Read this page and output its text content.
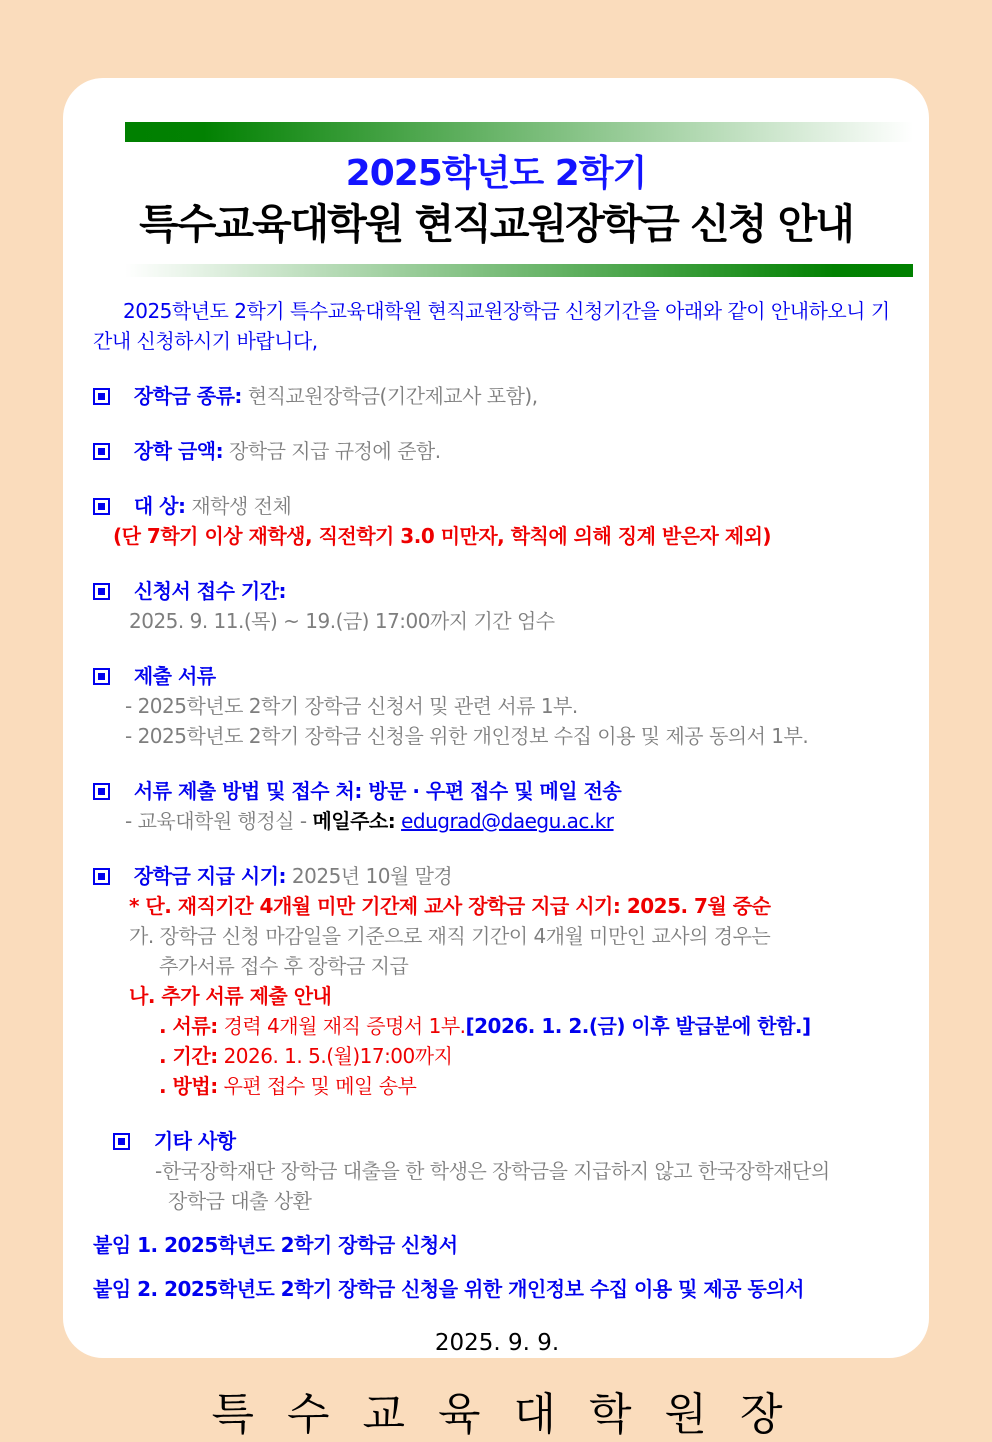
2025학년도 2학기
특수교육대학원 현직교원장학금 신청 안내

2025학년도 2학기 특수교육대학원 현직교원장학금 신청기간을 아래와 같이 안내하오니 기간내 신청하시기 바랍니다,

장학금 종류: 현직교원장학금(기간제교사 포함),
장학 금액: 장학금 지급 규정에 준함.
대 상: 재학생 전체
(단 7학기 이상 재학생, 직전학기 3.0 미만자, 학칙에 의해 징계 받은자 제외)
신청서 접수 기간:
2025. 9. 11.(목) ~ 19.(금) 17:00까지 기간 엄수
제출 서류
- 2025학년도 2학기 장학금 신청서 및 관련 서류 1부.
- 2025학년도 2학기 장학금 신청을 위한 개인정보 수집 이용 및 제공 동의서 1부.
서류 제출 방법 및 접수 처: 방문 · 우편 접수 및 메일 전송
- 교육대학원 행정실 - 메일주소: edugrad@daegu.ac.kr
장학금 지급 시기: 2025년 10월 말경
* 단. 재직기간 4개월 미만 기간제 교사 장학금 지급 시기: 2025. 7월 중순
가. 장학금 신청 마감일을 기준으로 재직 기간이 4개월 미만인 교사의 경우는
추가서류 접수 후 장학금 지급
나. 추가 서류 제출 안내
. 서류: 경력 4개월 재직 증명서 1부.[2026. 1. 2.(금) 이후 발급분에 한함.]
. 기간: 2026. 1. 5.(월)17:00까지
. 방법: 우편 접수 및 메일 송부
기타 사항
-한국장학재단 장학금 대출을 한 학생은 장학금을 지급하지 않고 한국장학재단의
장학금 대출 상환
붙임 1. 2025학년도 2학기 장학금 신청서
붙임 2. 2025학년도 2학기 장학금 신청을 위한 개인정보 수집 이용 및 제공 동의서
2025. 9. 9.
특수교육대학원장
